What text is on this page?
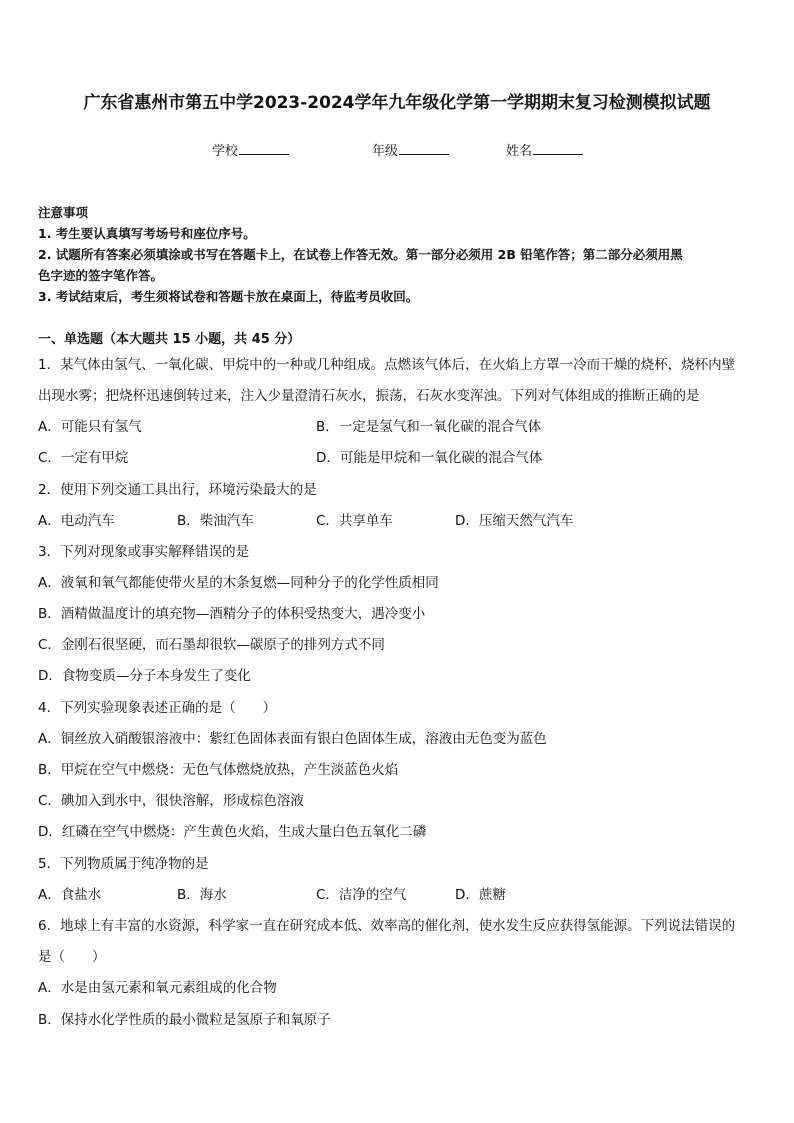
广东省惠州市第五中学2023-2024学年九年级化学第一学期期末复习检测模拟试题
学校	年级	姓名
注意事项
1. 考生要认真填写考场号和座位序号。
2. 试题所有答案必须填涂或书写在答题卡上，在试卷上作答无效。第一部分必须用 2B 铅笔作答；第二部分必须用黑
色字迹的签字笔作答。
3. 考试结束后，考生须将试卷和答题卡放在桌面上，待监考员收回。
一、单选题（本大题共 15 小题，共 45 分）
1．某气体由氢气、一氧化碳、甲烷中的一种或几种组成。点燃该气体后，在火焰上方罩一冷而干燥的烧杯，烧杯内壁
出现水雾；把烧杯迅速倒转过来，注入少量澄清石灰水，振荡，石灰水变浑浊。下列对气体组成的推断正确的是
A．可能只有氢气	B．一定是氢气和一氧化碳的混合气体
C．一定有甲烷	D．可能是甲烷和一氧化碳的混合气体
2．使用下列交通工具出行，环境污染最大的是
A．电动汽车	B．柴油汽车	C．共享单车	D．压缩天然气汽车
3．下列对现象或事实解释错误的是
A．液氧和氧气都能使带火星的木条复燃—同种分子的化学性质相同
B．酒精做温度计的填充物—酒精分子的体积受热变大，遇冷变小
C．金刚石很坚硬，而石墨却很软—碳原子的排列方式不同
D．食物变质—分子本身发生了变化
4．下列实验现象表述正确的是（　　）
A．铜丝放入硝酸银溶液中：紫红色固体表面有银白色固体生成，溶液由无色变为蓝色
B．甲烷在空气中燃烧：无色气体燃烧放热，产生淡蓝色火焰
C．碘加入到水中，很快溶解，形成棕色溶液
D．红磷在空气中燃烧：产生黄色火焰，生成大量白色五氧化二磷
5．下列物质属于纯净物的是
A．食盐水	B．海水	C．洁净的空气	D．蔗糖
6．地球上有丰富的水资源，科学家一直在研究成本低、效率高的催化剂，使水发生反应获得氢能源。下列说法错误的
是（　　）
A．水是由氢元素和氧元素组成的化合物
B．保持水化学性质的最小微粒是氢原子和氧原子
